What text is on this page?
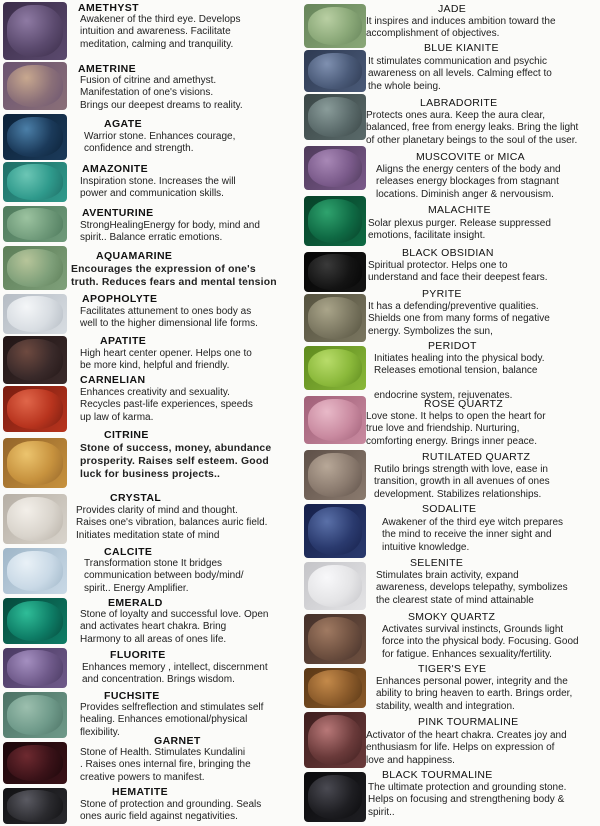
AMETHYST
Awakener of the third eye. Develops
intuition and awareness. Facilitate
meditation, calming and tranquility.
AMETRINE
Fusion of citrine and amethyst.
Manifestation of one's visions.
Brings our deepest dreams to reality.
AGATE
Warrior stone. Enhances courage,
confidence and strength.
AMAZONITE
Inspiration stone. Increases the will
power and communication skills.
AVENTURINE
StrongHealingEnergy for body, mind and
spirit.. Balance erratic emotions.
AQUAMARINE
Encourages the expression of one's
truth. Reduces fears and mental tension
APOPHOLYTE
Facilitates attunement to ones body as
well to the higher dimensional life forms.
APATITE
High heart center opener. Helps one to
be more kind, helpful and friendly.
CARNELIAN
Enhances creativity and sexuality.
Recycles past-life experiences, speeds
up law of karma.
CITRINE
Stone of success, money, abundance
prosperity. Raises self esteem. Good
luck for business projects..
CRYSTAL
Provides clarity of mind and thought.
Raises one's vibration, balances auric field.
Initiates meditation state of mind
CALCITE
Transformation stone It bridges
communication between body/mind/
spirit.. Energy Amplifier.
EMERALD
Stone of loyalty and successful love. Open
and activates heart chakra. Bring
Harmony to all areas of ones life.
FLUORITE
Enhances memory , intellect, discernment
and concentration. Brings wisdom.
FUCHSITE
Provides selfreflection and stimulates self
healing. Enhances emotional/physical
flexibility.
GARNET
Stone of Health. Stimulates Kundalini
. Raises ones internal fire, bringing the
creative powers to manifest.
HEMATITE
Stone of protection and grounding. Seals
ones auric field against negativities.
JADE
It inspires and induces ambition toward the
accomplishment of objectives.
BLUE KIANITE
It stimulates communication and psychic
awareness on all levels. Calming effect to
the whole being.
LABRADORITE
Protects ones aura. Keep the aura clear,
balanced, free from energy leaks. Bring the light
of other planetary beings to the soul of the user.
MUSCOVITE or MICA
Aligns the energy centers of the body and
releases energy blockages from stagnant
locations. Diminish anger & nervousism.
MALACHITE
Solar plexus purger. Release suppressed
emotions, facilitate insight.
BLACK OBSIDIAN
Spiritual protector. Helps one to
understand and face their deepest fears.
PYRITE
It has a defending/preventive qualities.
Shields one from many forms of negative
energy. Symbolizes the sun,
PERIDOT
Initiates healing into the physical body.
Releases emotional tension, balance

endocrine system, rejuvenates.
ROSE QUARTZ
Love stone. It helps to open the heart for
true love and friendship. Nurturing,
comforting energy. Brings inner peace.
RUTILATED QUARTZ
Rutilo brings strength with love, ease in
transition, growth in all avenues of ones
development. Stabilizes relationships.
SODALITE
Awakener of the third eye witch prepares
the mind to receive the inner sight and
intuitive knowledge.
SELENITE
Stimulates brain activity, expand
awareness, develops telepathy, symbolizes
the clearest state of mind attainable
SMOKY QUARTZ
Activates survival instincts, Grounds light
force into the physical body. Focusing. Good
for fatigue. Enhances sexuality/fertility.
TIGER'S EYE
Enhances personal power, integrity and the
ability to bring heaven to earth. Brings order,
stability, wealth and integration.
PINK TOURMALINE
Activator of the heart chakra. Creates joy and
enthusiasm for life. Helps on expression of
love and happiness.
BLACK TOURMALINE
The ultimate protection and grounding stone.
Helps on focusing and strengthening body &
spirit..
